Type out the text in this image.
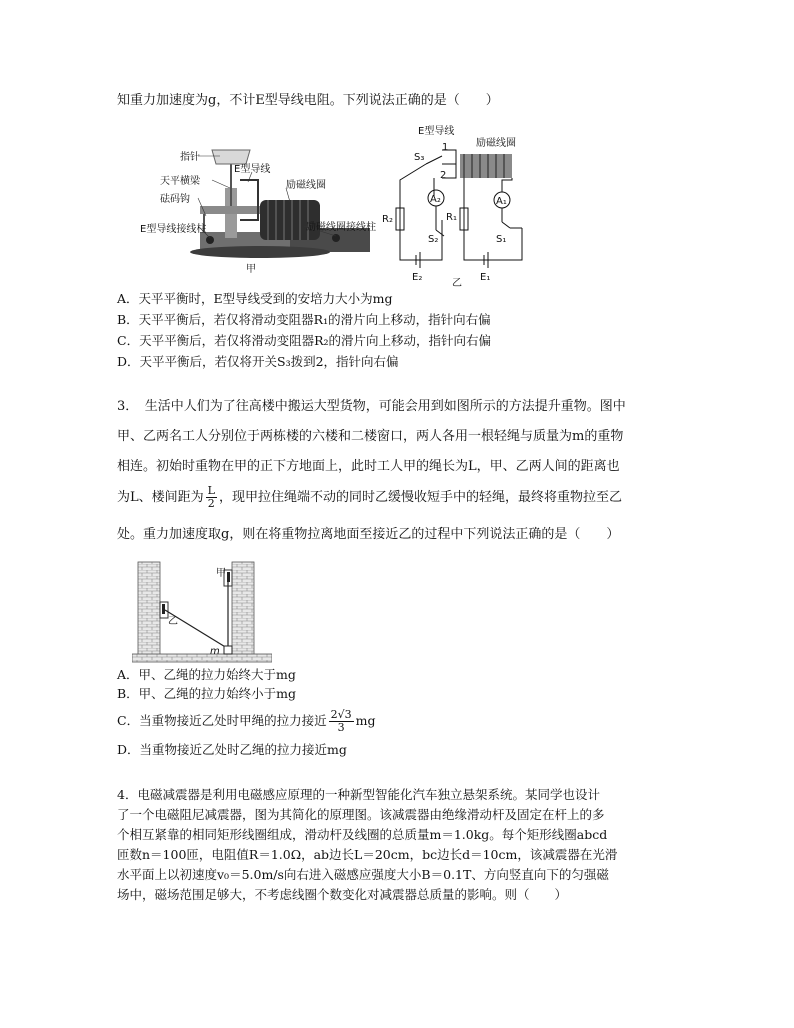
知重力加速度为g，不计E型导线电阻。下列说法正确的是（　　）
指针
天平横梁
砝码钩
E型导线接线柱
E型导线
励磁线圈
励磁线圈接线柱
甲
E型导线
励磁线圈
S₃
1
2
R₂	R₁
A₂	A₁
S₂	S₁
E₂	E₁
乙
A．天平平衡时，E型导线受到的安培力大小为mg
B．天平平衡后，若仅将滑动变阻器R₁的滑片向上移动，指针向右偏
C．天平平衡后，若仅将滑动变阻器R₂的滑片向上移动，指针向右偏
D．天平平衡后，若仅将开关S₃拨到2，指针向右偏
3．　生活中人们为了往高楼中搬运大型货物，可能会用到如图所示的方法提升重物。图中
甲、乙两名工人分别位于两栋楼的六楼和二楼窗口，两人各用一根轻绳与质量为m的重物
相连。初始时重物在甲的正下方地面上，此时工人甲的绳长为L，甲、乙两人间的距离也
为L、楼间距为 $\frac{L}{2}$ ，现甲拉住绳端不动的同时乙缓慢收短手中的轻绳，最终将重物拉至乙
处。重力加速度取g，则在将重物拉离地面至接近乙的过程中下列说法正确的是（　　）
甲
乙
m
A．甲、乙绳的拉力始终大于mg
B．甲、乙绳的拉力始终小于mg
C．当重物接近乙处时甲绳的拉力接近 $\frac{2√3}{3}$ mg
D．当重物接近乙处时乙绳的拉力接近mg
4．电磁减震器是利用电磁感应原理的一种新型智能化汽车独立悬架系统。某同学也设计
了一个电磁阻尼减震器，图为其简化的原理图。该减震器由绝缘滑动杆及固定在杆上的多
个相互紧靠的相同矩形线圈组成，滑动杆及线圈的总质量m＝1.0kg。每个矩形线圈abcd
匝数n＝100匝，电阻值R＝1.0Ω，ab边长L＝20cm，bc边长d＝10cm，该减震器在光滑
水平面上以初速度v₀＝5.0m/s向右进入磁感应强度大小B＝0.1T、方向竖直向下的匀强磁
场中，磁场范围足够大，不考虑线圈个数变化对减震器总质量的影响。则（　　）
